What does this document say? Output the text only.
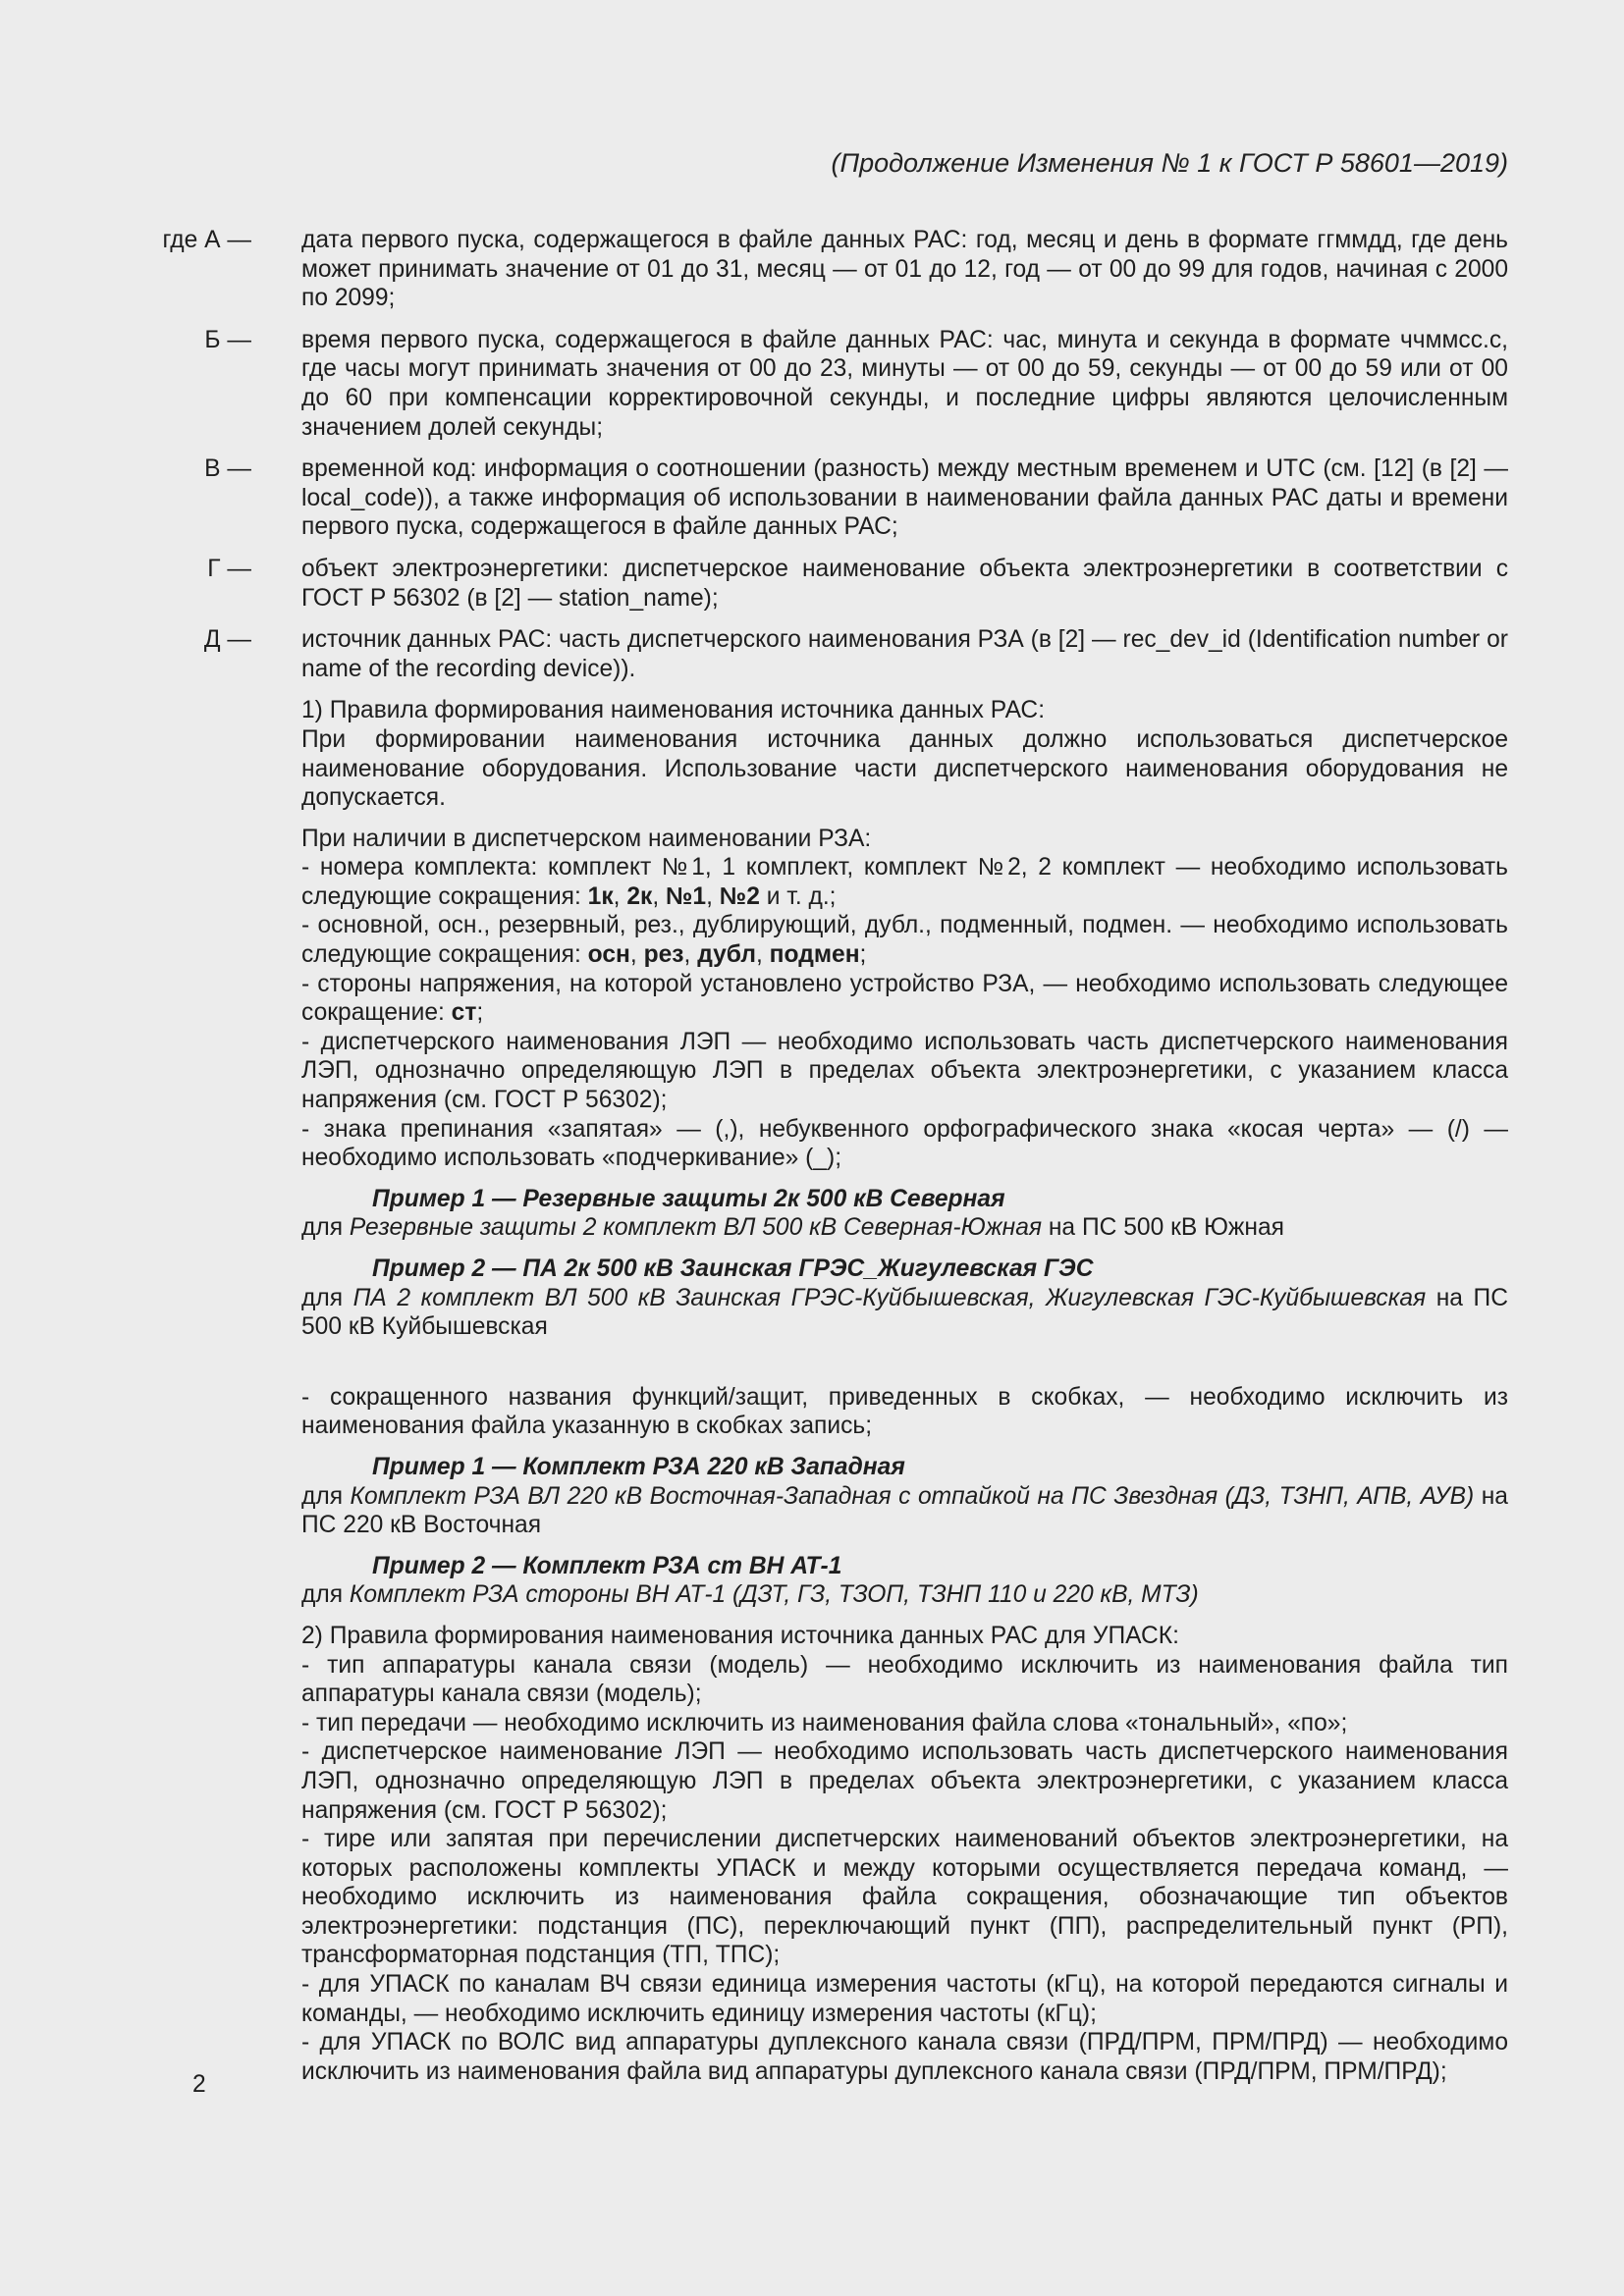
(Продолжение Изменения № 1 к ГОСТ Р 58601—2019)
где А — дата первого пуска, содержащегося в файле данных РАС: год, месяц и день в формате ггммдд, где день может принимать значение от 01 до 31, месяц — от 01 до 12, год — от 00 до 99 для годов, начиная с 2000 по 2099;
Б — время первого пуска, содержащегося в файле данных РАС: час, минута и секунда в формате ччммсс.с, где часы могут принимать значения от 00 до 23, минуты — от 00 до 59, секунды — от 00 до 59 или от 00 до 60 при компенсации корректировочной секунды, и последние цифры являются целочисленным значением долей секунды;
В — временной код: информация о соотношении (разность) между местным временем и UTC (см. [12] (в [2] — local_code)), а также информация об использовании в наименовании файла данных РАС даты и времени первого пуска, содержащегося в файле данных РАС;
Г — объект электроэнергетики: диспетчерское наименование объекта электроэнергетики в соответствии с ГОСТ Р 56302 (в [2] — station_name);
Д — источник данных РАС: часть диспетчерского наименования РЗА (в [2] — rec_dev_id (Identification number or name of the recording device)).
1) Правила формирования наименования источника данных РАС:
При формировании наименования источника данных должно использоваться диспетчерское наименование оборудования. Использование части диспетчерского наименования оборудования не допускается.
При наличии в диспетчерском наименовании РЗА:
- номера комплекта: комплект №1, 1 комплект, комплект №2, 2 комплект — необходимо использовать следующие сокращения: 1к, 2к, №1, №2 и т. д.;
- основной, осн., резервный, рез., дублирующий, дубл., подменный, подмен. — необходимо использовать следующие сокращения: осн, рез, дубл, подмен;
- стороны напряжения, на которой установлено устройство РЗА, — необходимо использовать следующее сокращение: ст;
- диспетчерского наименования ЛЭП — необходимо использовать часть диспетчерского наименования ЛЭП, однозначно определяющую ЛЭП в пределах объекта электроэнергетики, с указанием класса напряжения (см. ГОСТ Р 56302);
- знака препинания «запятая» — (,), небуквенного орфографического знака «косая черта» — (/) — необходимо использовать «подчеркивание» (_);
Пример 1 — Резервные защиты 2к 500 кВ Северная
для Резервные защиты 2 комплект ВЛ 500 кВ Северная-Южная на ПС 500 кВ Южная
Пример 2 — ПА 2к 500 кВ Заинская ГРЭС_Жигулевская ГЭС
для ПА 2 комплект ВЛ 500 кВ Заинская ГРЭС-Куйбышевская, Жигулевская ГЭС-Куйбышевская на ПС 500 кВ Куйбышевская
- сокращенного названия функций/защит, приведенных в скобках, — необходимо исключить из наименования файла указанную в скобках запись;
Пример 1 — Комплект РЗА 220 кВ Западная
для Комплект РЗА ВЛ 220 кВ Восточная-Западная с отпайкой на ПС Звездная (ДЗ, ТЗНП, АПВ, АУВ) на ПС 220 кВ Восточная
Пример 2 — Комплект РЗА ст ВН АТ-1
для Комплект РЗА стороны ВН АТ-1 (ДЗТ, ГЗ, ТЗОП, ТЗНП 110 и 220 кВ, МТЗ)
2) Правила формирования наименования источника данных РАС для УПАСК:
- тип аппаратуры канала связи (модель) — необходимо исключить из наименования файла тип аппаратуры канала связи (модель);
- тип передачи — необходимо исключить из наименования файла слова «тональный», «по»;
- диспетчерское наименование ЛЭП — необходимо использовать часть диспетчерского наименования ЛЭП, однозначно определяющую ЛЭП в пределах объекта электроэнергетики, с указанием класса напряжения (см. ГОСТ Р 56302);
- тире или запятая при перечислении диспетчерских наименований объектов электроэнергетики, на которых расположены комплекты УПАСК и между которыми осуществляется передача команд, — необходимо исключить из наименования файла сокращения, обозначающие тип объектов электроэнергетики: подстанция (ПС), переключающий пункт (ПП), распределительный пункт (РП), трансформаторная подстанция (ТП, ТПС);
- для УПАСК по каналам ВЧ связи единица измерения частоты (кГц), на которой передаются сигналы и команды, — необходимо исключить единицу измерения частоты (кГц);
- для УПАСК по ВОЛС вид аппаратуры дуплексного канала связи (ПРД/ПРМ, ПРМ/ПРД) — необходимо исключить из наименования файла вид аппаратуры дуплексного канала связи (ПРД/ПРМ, ПРМ/ПРД);
2
